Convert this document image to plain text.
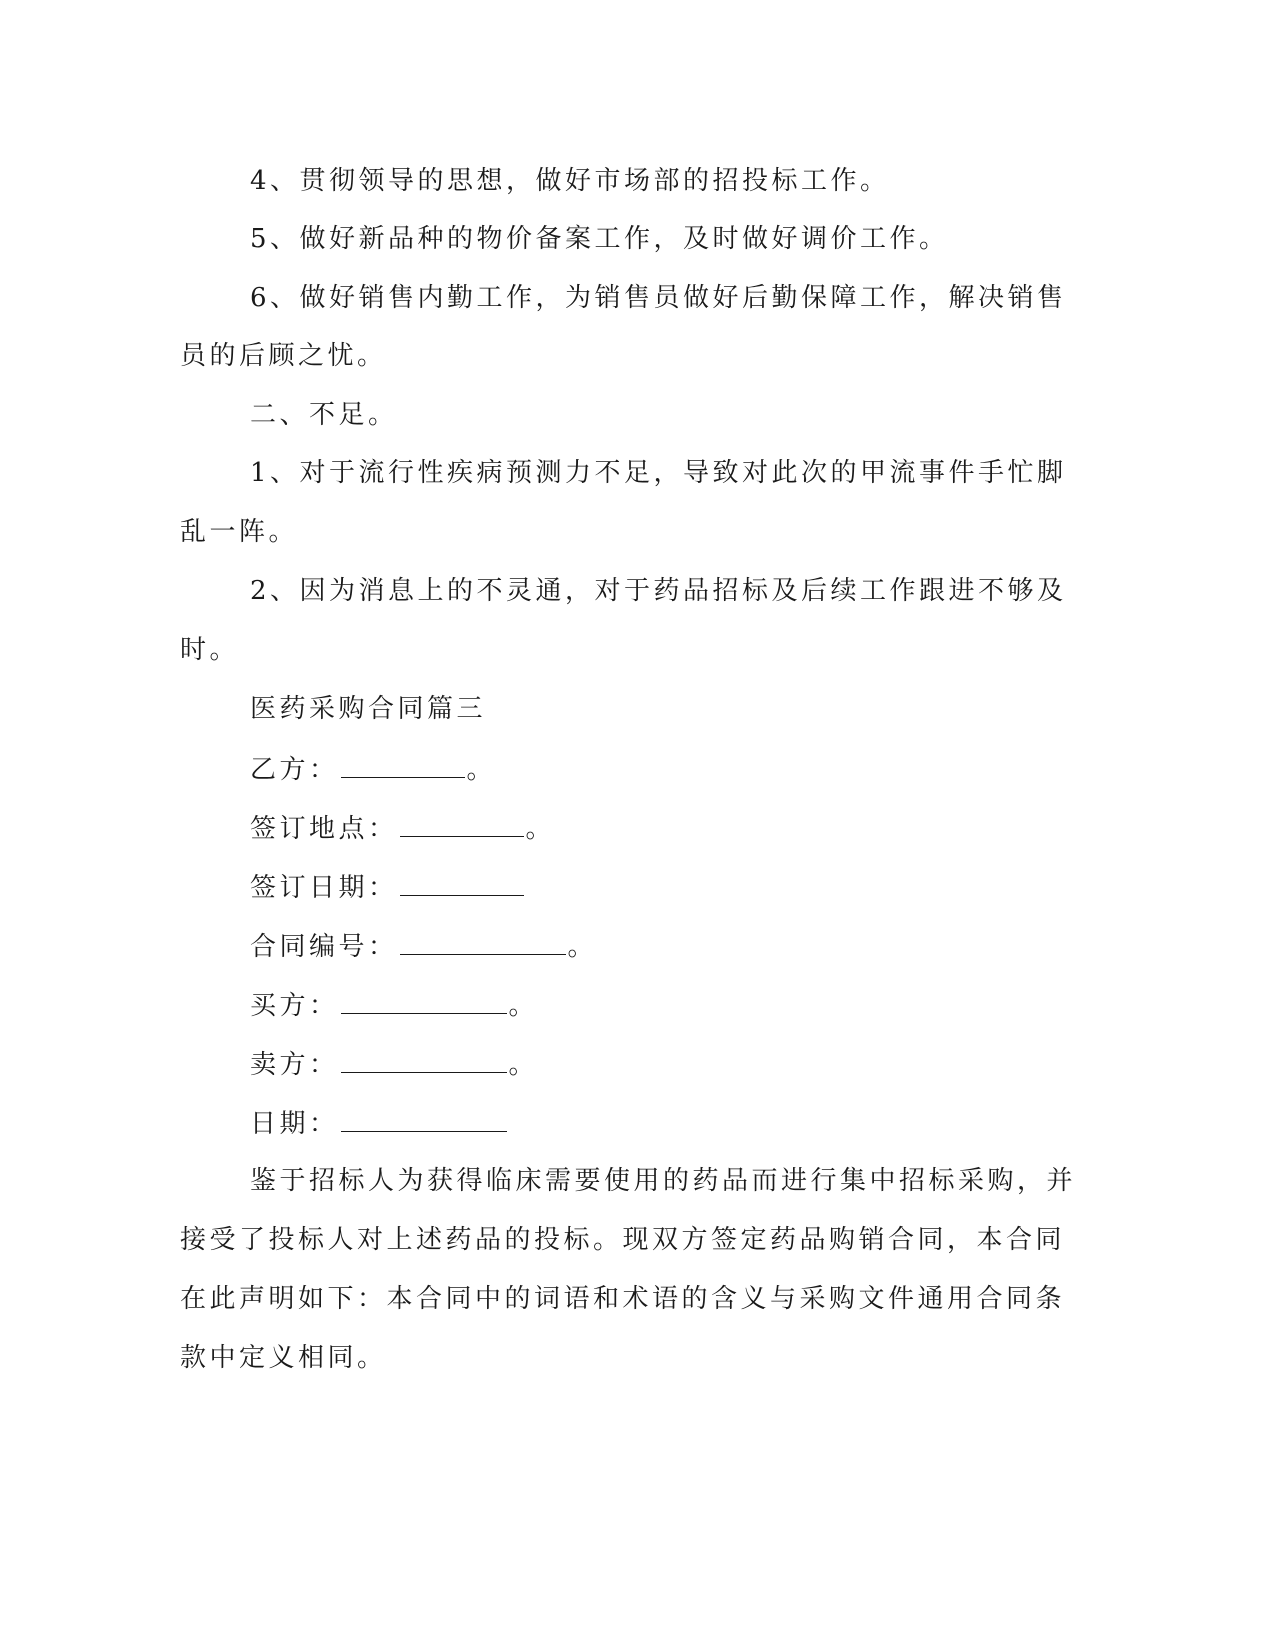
4、贯彻领导的思想，做好市场部的招投标工作。
5、做好新品种的物价备案工作，及时做好调价工作。
6、做好销售内勤工作，为销售员做好后勤保障工作，解决销售
员的后顾之忧。
二、不足。
1、对于流行性疾病预测力不足，导致对此次的甲流事件手忙脚
乱一阵。
2、因为消息上的不灵通，对于药品招标及后续工作跟进不够及
时。
医药采购合同篇三
乙方：	。
签订地点：	。
签订日期：
合同编号：	。
买方：	。
卖方：	。
日期：
鉴于招标人为获得临床需要使用的药品而进行集中招标采购，并
接受了投标人对上述药品的投标。现双方签定药品购销合同，本合同
在此声明如下：本合同中的词语和术语的含义与采购文件通用合同条
款中定义相同。
